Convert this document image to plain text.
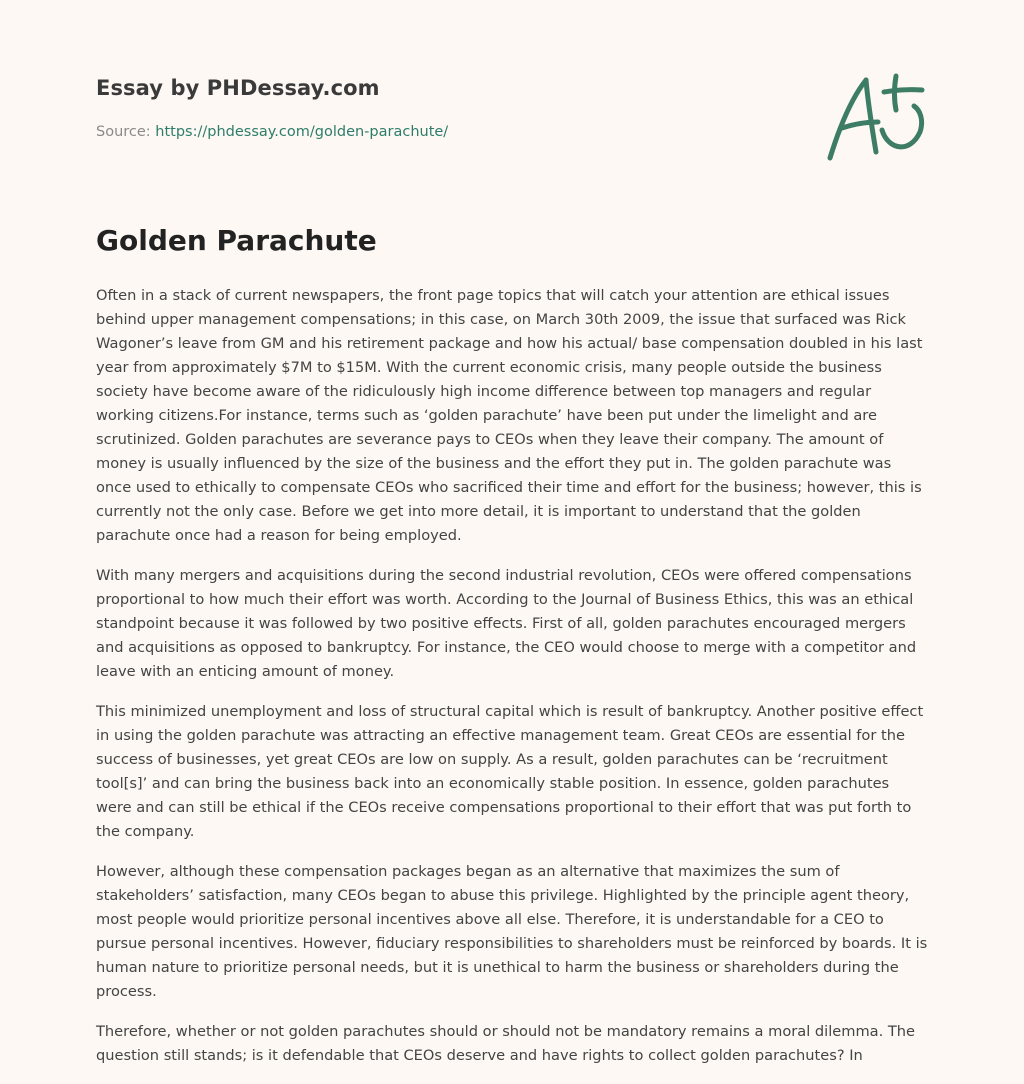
Essay by PHDessay.com
Source: https://phdessay.com/golden-parachute/
Golden Parachute

Often in a stack of current newspapers, the front page topics that will catch your attention are ethical issues behind upper management compensations; in this case, on March 30th 2009, the issue that surfaced was Rick Wagoner’s leave from GM and his retirement package and how his actual/ base compensation doubled in his last year from approximately $7M to $15M. With the current economic crisis, many people outside the business society have become aware of the ridiculously high income difference between top managers and regular working citizens.For instance, terms such as ‘golden parachute’ have been put under the limelight and are scrutinized. Golden parachutes are severance pays to CEOs when they leave their company. The amount of money is usually influenced by the size of the business and the effort they put in. The golden parachute was once used to ethically to compensate CEOs who sacrificed their time and effort for the business; however, this is currently not the only case. Before we get into more detail, it is important to understand that the golden parachute once had a reason for being employed.

With many mergers and acquisitions during the second industrial revolution, CEOs were offered compensations proportional to how much their effort was worth. According to the Journal of Business Ethics, this was an ethical standpoint because it was followed by two positive effects. First of all, golden parachutes encouraged mergers and acquisitions as opposed to bankruptcy. For instance, the CEO would choose to merge with a competitor and leave with an enticing amount of money.

This minimized unemployment and loss of structural capital which is result of bankruptcy. Another positive effect in using the golden parachute was attracting an effective management team. Great CEOs are essential for the success of businesses, yet great CEOs are low on supply. As a result, golden parachutes can be ‘recruitment tool[s]’ and can bring the business back into an economically stable position. In essence, golden parachutes were and can still be ethical if the CEOs receive compensations proportional to their effort that was put forth to the company.

However, although these compensation packages began as an alternative that maximizes the sum of stakeholders’ satisfaction, many CEOs began to abuse this privilege. Highlighted by the principle agent theory, most people would prioritize personal incentives above all else. Therefore, it is understandable for a CEO to pursue personal incentives. However, fiduciary responsibilities to shareholders must be reinforced by boards. It is human nature to prioritize personal needs, but it is unethical to harm the business or shareholders during the process.

Therefore, whether or not golden parachutes should or should not be mandatory remains a moral dilemma. The question still stands; is it defendable that CEOs deserve and have rights to collect golden parachutes? In
